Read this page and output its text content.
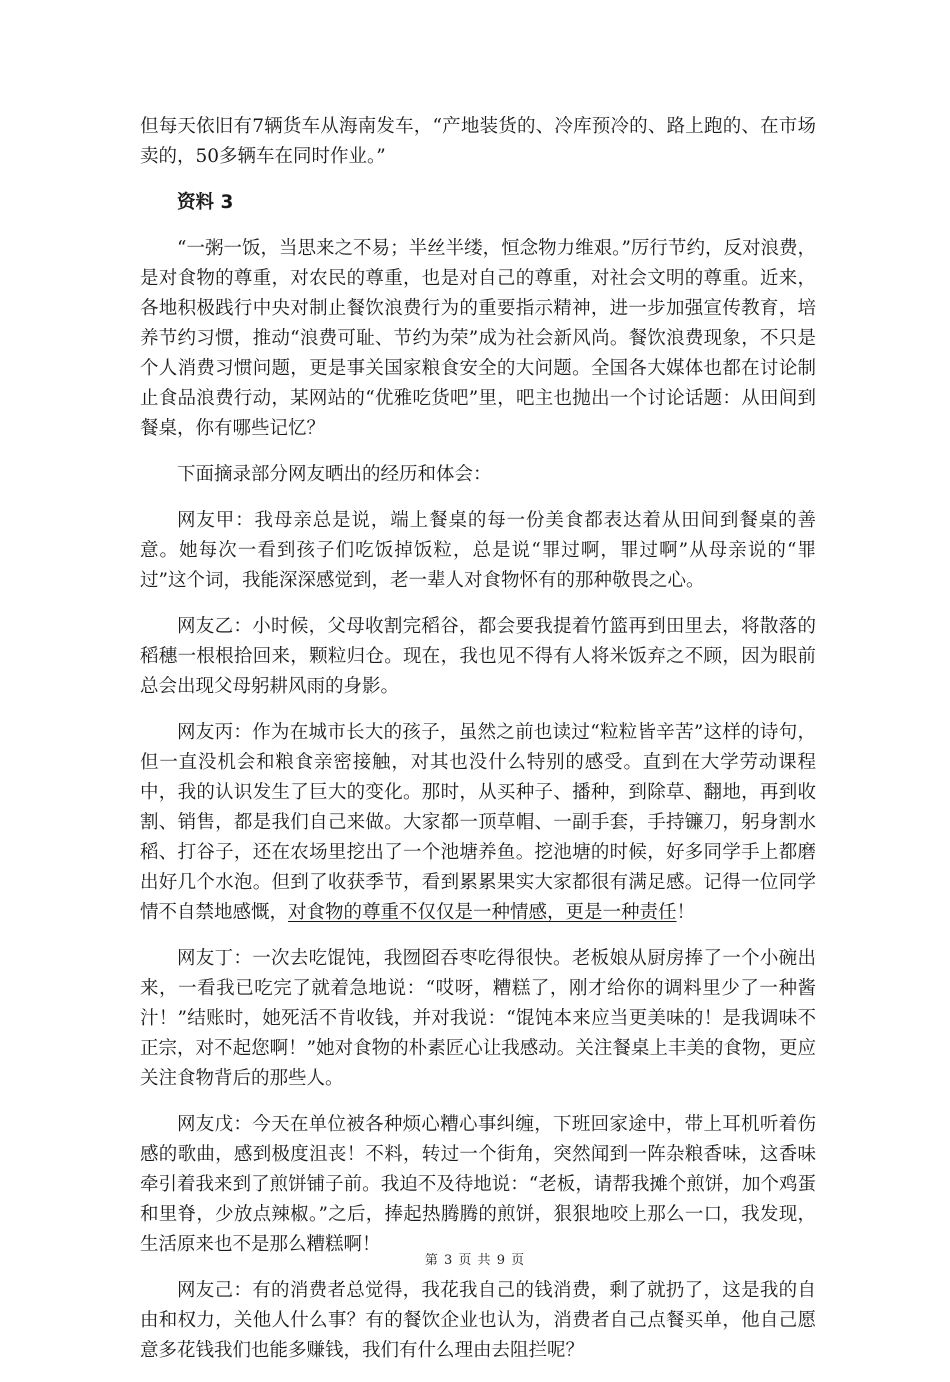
但每天依旧有7辆货车从海南发车，“产地装货的、冷库预冷的、路上跑的、在市场卖的，50多辆车在同时作业。”

资料 3

“一粥一饭，当思来之不易；半丝半缕，恒念物力维艰。”厉行节约，反对浪费，是对食物的尊重，对农民的尊重，也是对自己的尊重，对社会文明的尊重。近来，各地积极践行中央对制止餐饮浪费行为的重要指示精神，进一步加强宣传教育，培养节约习惯，推动“浪费可耻、节约为荣”成为社会新风尚。餐饮浪费现象，不只是个人消费习惯问题，更是事关国家粮食安全的大问题。全国各大媒体也都在讨论制止食品浪费行动，某网站的“优雅吃货吧”里，吧主也抛出一个讨论话题：从田间到餐桌，你有哪些记忆？

下面摘录部分网友晒出的经历和体会：

网友甲：我母亲总是说，端上餐桌的每一份美食都表达着从田间到餐桌的善意。她每次一看到孩子们吃饭掉饭粒，总是说“罪过啊，罪过啊”从母亲说的“罪过”这个词，我能深深感觉到，老一辈人对食物怀有的那种敬畏之心。

网友乙：小时候，父母收割完稻谷，都会要我提着竹篮再到田里去，将散落的稻穗一根根拾回来，颗粒归仓。现在，我也见不得有人将米饭弃之不顾，因为眼前总会出现父母躬耕风雨的身影。

网友丙：作为在城市长大的孩子，虽然之前也读过“粒粒皆辛苦”这样的诗句，但一直没机会和粮食亲密接触，对其也没什么特别的感受。直到在大学劳动课程中，我的认识发生了巨大的变化。那时，从买种子、播种，到除草、翻地，再到收割、销售，都是我们自己来做。大家都一顶草帽、一副手套，手持镰刀，躬身割水稻、打谷子，还在农场里挖出了一个池塘养鱼。挖池塘的时候，好多同学手上都磨出好几个水泡。但到了收获季节，看到累累果实大家都很有满足感。记得一位同学情不自禁地感慨，对食物的尊重不仅仅是一种情感，更是一种责任！

网友丁：一次去吃馄饨，我囫囵吞枣吃得很快。老板娘从厨房捧了一个小碗出来，一看我已吃完了就着急地说：“哎呀，糟糕了，刚才给你的调料里少了一种酱汁！”结账时，她死活不肯收钱，并对我说：“馄饨本来应当更美味的！是我调味不正宗，对不起您啊！”她对食物的朴素匠心让我感动。关注餐桌上丰美的食物，更应关注食物背后的那些人。

网友戊：今天在单位被各种烦心糟心事纠缠，下班回家途中，带上耳机听着伤感的歌曲，感到极度沮丧！不料，转过一个街角，突然闻到一阵杂粮香味，这香味牵引着我来到了煎饼铺子前。我迫不及待地说：“老板，请帮我摊个煎饼，加个鸡蛋和里脊，少放点辣椒。”之后，捧起热腾腾的煎饼，狠狠地咬上那么一口，我发现，生活原来也不是那么糟糕啊！

网友己：有的消费者总觉得，我花我自己的钱消费，剩了就扔了，这是我的自由和权力，关他人什么事？有的餐饮企业也认为，消费者自己点餐买单，他自己愿意多花钱我们也能多赚钱，我们有什么理由去阻拦呢？

第 3 页 共 9 页
